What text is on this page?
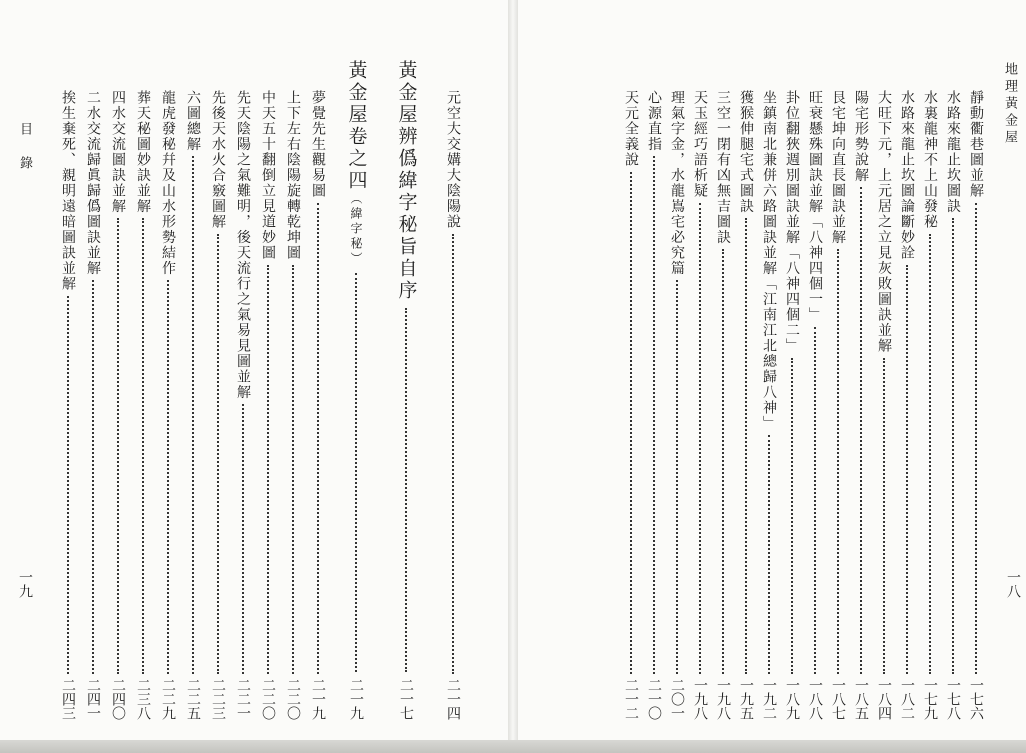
地理黃金屋
一八
靜動衢巷圖並解
一七六
水路來龍止坎圖訣
一七八
水裏龍神不上山發秘
一七九
水路來龍止坎圖論斷妙詮
一八二
大旺下元，上元居之立見灰敗圖訣並解
一八四
陽宅形勢說解
一八五
艮宅坤向直長圖訣並解
一八七
旺衰懸殊圖訣並解「八神四個一」
一八八
卦位翻狹週別圖訣並解「八神四個二」
一八九
坐鎮南北兼併六路圖訣並解「江南江北總歸八神」
一九二
獲猴伸腿宅式圖訣
一九五
三空一閉有凶無吉圖訣
一九八
天玉經巧語析疑
一九八
理氣字金，水龍嶌宅必究篇
二〇一
心源直指
二一〇
天元全義說
二一二
元空大交媾大陰陽說
二一四
黃金屋辨僞緯字秘旨自序
二一七
黃金屋卷之四
（緯字秘）
二一九
夢覺先生觀易圖
二一九
上下左右陰陽旋轉乾坤圖
二二〇
中天五十翻倒立見道妙圖
二二〇
先天陰陽之氣難明，後天流行之氣易見圖並解
二二一
先後天水火合竅圖解
二二三
六圖總解
二二五
龍虎發秘幷及山水形勢結作
二二九
葬天秘圖妙訣並解
二三八
四水交流圖訣並解
二四〇
二水交流歸眞歸僞圖訣並解
二四一
挨生棄死、親明遠暗圖訣並解
二四三
目　錄
一九
